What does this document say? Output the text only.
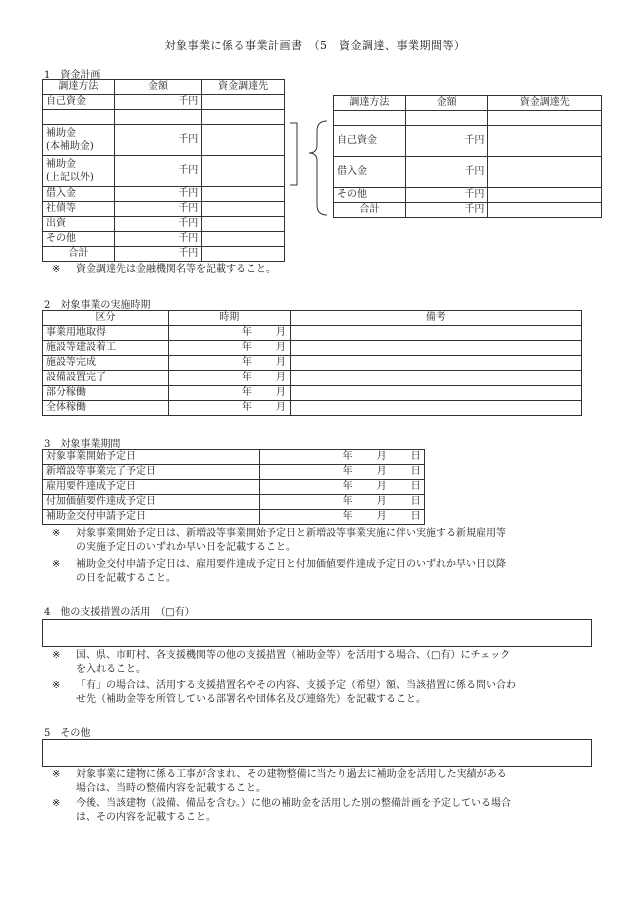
対象事業に係る事業計画書　（5　資金調達、事業期間等）
1　資金計画
調達方法	金額	資金調達先
自己資金	千円	

補助金
(本補助金)	千円	
補助金
(上記以外)	千円	
借入金	千円	
社債等	千円	
出資	千円	
その他	千円	
合計	千円	
調達方法	金額	資金調達先

自己資金	千円	
借入金	千円	
その他	千円	
合計	千円	
※	資金調達先は金融機関名等を記載すること。
2　対象事業の実施時期
区分	時期	備考
事業用地取得	年 月	
施設等建設着工	年 月	
施設等完成	年 月	
設備設置完了	年 月	
部分稼働	年 月	
全体稼働	年 月	
3　対象事業期間
対象事業開始予定日	年 月 日
新増設等事業完了予定日	年 月 日
雇用要件達成予定日	年 月 日
付加価値要件達成予定日	年 月 日
補助金交付申請予定日	年 月 日
※	対象事業開始予定日は、新増設等事業開始予定日と新増設等事業実施に伴い実施する新規雇用等
の実施予定日のいずれか早い日を記載すること。
※	補助金交付申請予定日は、雇用要件達成予定日と付加価値要件達成予定日のいずれか早い日以降
の日を記載すること。
4　他の支援措置の活用　（□有）
※	国、県、市町村、各支援機関等の他の支援措置（補助金等）を活用する場合、（□有）にチェック
を入れること。
※	「有」の場合は、活用する支援措置名やその内容、支援予定（希望）額、当該措置に係る問い合わ
せ先（補助金等を所管している部署名や団体名及び連絡先）を記載すること。
5　その他
※	対象事業に建物に係る工事が含まれ、その建物整備に当たり過去に補助金を活用した実績がある
場合は、当時の整備内容を記載すること。
※	今後、当該建物（設備、備品を含む。）に他の補助金を活用した別の整備計画を予定している場合
は、その内容を記載すること。
